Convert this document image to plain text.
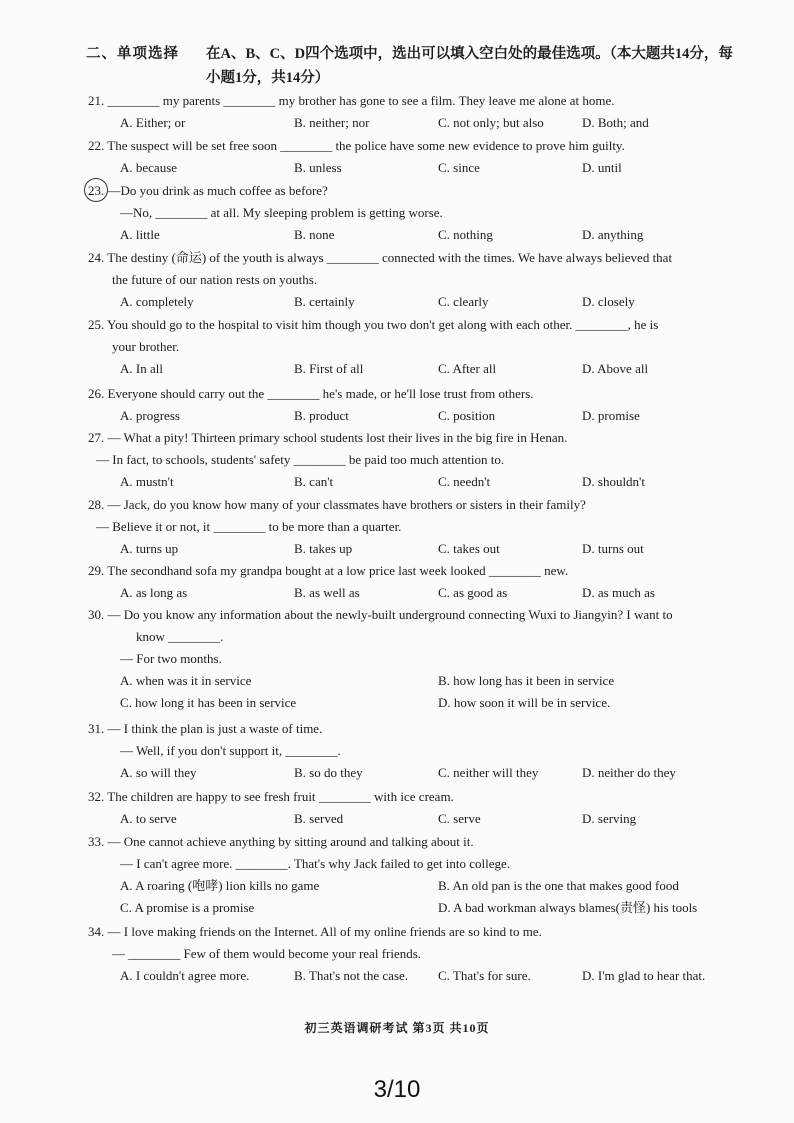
二、单项选择 在A、B、C、D四个选项中，选出可以填入空白处的最佳选项。（本大题共14分，每小题1分，共14分）
21. ________ my parents ________ my brother has gone to see a film. They leave me alone at home.
A. Either; or	B. neither; nor	C. not only; but also	D. Both; and
22. The suspect will be set free soon ________ the police have some new evidence to prove him guilty.
A. because	B. unless	C. since	D. until
23. —Do you drink as much coffee as before?
—No, ________ at all. My sleeping problem is getting worse.
A. little	B. none	C. nothing	D. anything
24. The destiny (命运) of the youth is always ________ connected with the times. We have always believed that
the future of our nation rests on youths.
A. completely	B. certainly	C. clearly	D. closely
25. You should go to the hospital to visit him though you two don't get along with each other. ________, he is
your brother.
A. In all	B. First of all	C. After all	D. Above all
26. Everyone should carry out the ________ he's made, or he'll lose trust from others.
A. progress	B. product	C. position	D. promise
27. — What a pity! Thirteen primary school students lost their lives in the big fire in Henan.
— In fact, to schools, students' safety ________ be paid too much attention to.
A. mustn't	B. can't	C. needn't	D. shouldn't
28. — Jack, do you know how many of your classmates have brothers or sisters in their family?
— Believe it or not, it ________ to be more than a quarter.
A. turns up	B. takes up	C. takes out	D. turns out
29. The secondhand sofa my grandpa bought at a low price last week looked ________ new.
A. as long as	B. as well as	C. as good as	D. as much as
30. — Do you know any information about the newly-built underground connecting Wuxi to Jiangyin? I want to
know ________.
— For two months.
A. when was it in service	B. how long has it been in service
C. how long it has been in service	D. how soon it will be in service.
31. — I think the plan is just a waste of time.
— Well, if you don't support it, ________.
A. so will they	B. so do they	C. neither will they	D. neither do they
32. The children are happy to see fresh fruit ________ with ice cream.
A. to serve	B. served	C. serve	D. serving
33. — One cannot achieve anything by sitting around and talking about it.
— I can't agree more. ________. That's why Jack failed to get into college.
A. A roaring (咆哮) lion kills no game	B. An old pan is the one that makes good food
C. A promise is a promise	D. A bad workman always blames(责怪) his tools
34. — I love making friends on the Internet. All of my online friends are so kind to me.
— ________ Few of them would become your real friends.
A. I couldn't agree more.	B. That's not the case. C. That's for sure.	D. I'm glad to hear that.
初三英语调研考试 第3页 共10页
3/10
